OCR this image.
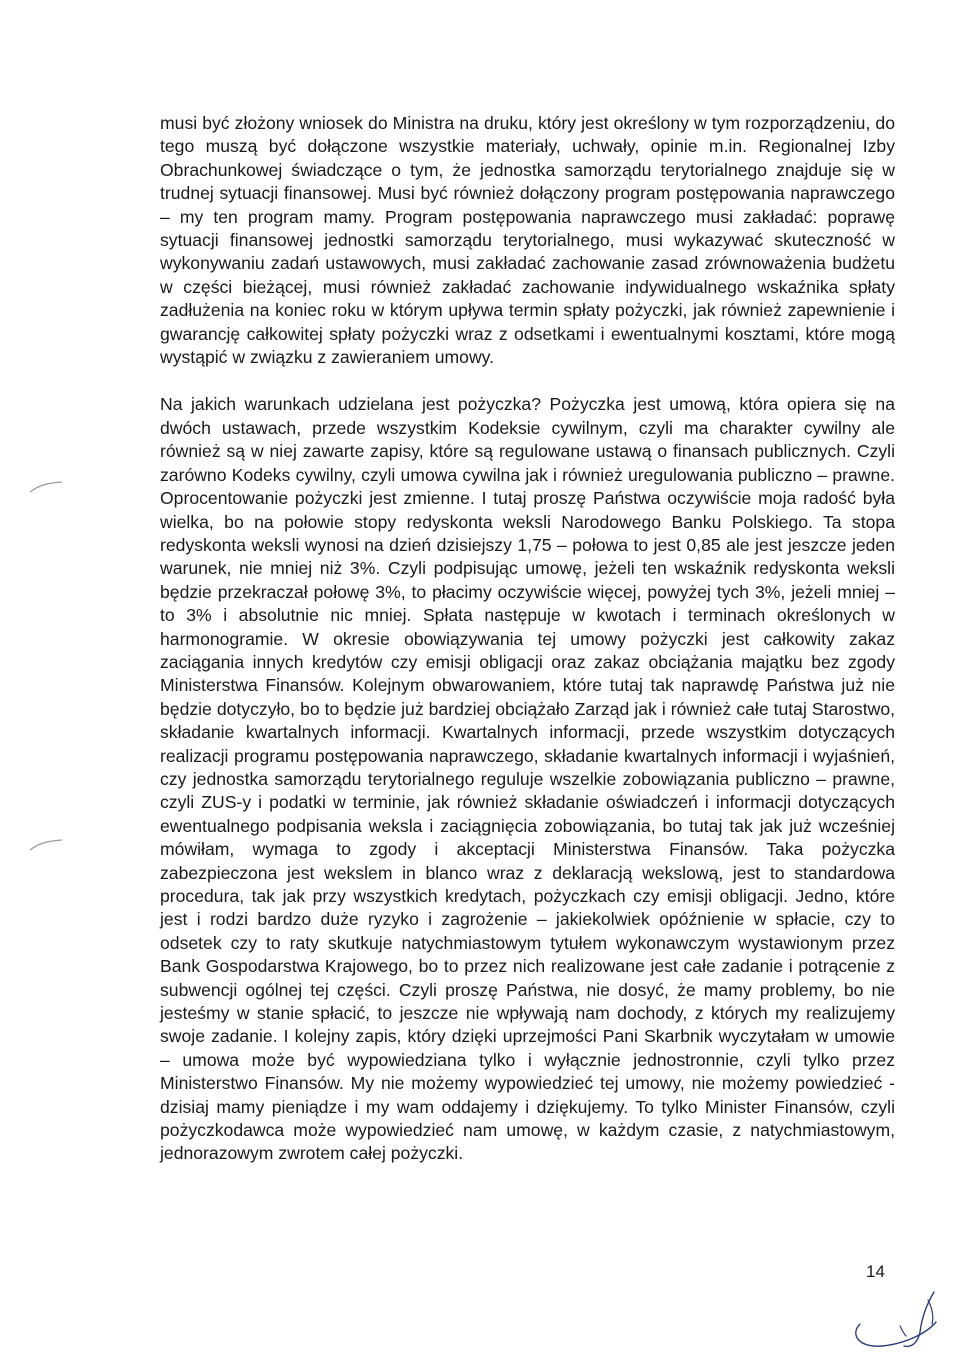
musi być złożony wniosek do Ministra na druku, który jest określony w tym rozporządzeniu, do tego muszą być dołączone wszystkie materiały, uchwały, opinie m.in. Regionalnej Izby Obrachunkowej świadczące o tym, że jednostka samorządu terytorialnego znajduje się w trudnej sytuacji finansowej. Musi być również dołączony program postępowania naprawczego – my ten program mamy. Program postępowania naprawczego musi zakładać: poprawę sytuacji finansowej jednostki samorządu terytorialnego, musi wykazywać skuteczność w wykonywaniu zadań ustawowych, musi zakładać zachowanie zasad zrównoważenia budżetu w części bieżącej, musi również zakładać zachowanie indywidualnego wskaźnika spłaty zadłużenia na koniec roku w którym upływa termin spłaty pożyczki, jak również zapewnienie i gwarancję całkowitej spłaty pożyczki wraz z odsetkami i ewentualnymi kosztami, które mogą wystąpić w związku z zawieraniem umowy.

Na jakich warunkach udzielana jest pożyczka? Pożyczka jest umową, która opiera się na dwóch ustawach, przede wszystkim Kodeksie cywilnym, czyli ma charakter cywilny ale również są w niej zawarte zapisy, które są regulowane ustawą o finansach publicznych. Czyli zarówno Kodeks cywilny, czyli umowa cywilna jak i również uregulowania publiczno – prawne. Oprocentowanie pożyczki jest zmienne. I tutaj proszę Państwa oczywiście moja radość była wielka, bo na połowie stopy redyskonta weksli Narodowego Banku Polskiego. Ta stopa redyskonta weksli wynosi na dzień dzisiejszy 1,75 – połowa to jest 0,85 ale jest jeszcze jeden warunek, nie mniej niż 3%. Czyli podpisując umowę, jeżeli ten wskaźnik redyskonta weksli będzie przekraczał połowę 3%, to płacimy oczywiście więcej, powyżej tych 3%, jeżeli mniej – to 3% i absolutnie nic mniej. Spłata następuje w kwotach i terminach określonych w harmonogramie. W okresie obowiązywania tej umowy pożyczki jest całkowity zakaz zaciągania innych kredytów czy emisji obligacji oraz zakaz obciążania majątku bez zgody Ministerstwa Finansów. Kolejnym obwarowaniem, które tutaj tak naprawdę Państwa już nie będzie dotyczyło, bo to będzie już bardziej obciążało Zarząd jak i również całe tutaj Starostwo, składanie kwartalnych informacji. Kwartalnych informacji, przede wszystkim dotyczących realizacji programu postępowania naprawczego, składanie kwartalnych informacji i wyjaśnień, czy jednostka samorządu terytorialnego reguluje wszelkie zobowiązania publiczno – prawne, czyli ZUS-y i podatki w terminie, jak również składanie oświadczeń i informacji dotyczących ewentualnego podpisania weksla i zaciągnięcia zobowiązania, bo tutaj tak jak już wcześniej mówiłam, wymaga to zgody i akceptacji Ministerstwa Finansów. Taka pożyczka zabezpieczona jest wekslem in blanco wraz z deklaracją wekslową, jest to standardowa procedura, tak jak przy wszystkich kredytach, pożyczkach czy emisji obligacji. Jedno, które jest i rodzi bardzo duże ryzyko i zagrożenie – jakiekolwiek opóźnienie w spłacie, czy to odsetek czy to raty skutkuje natychmiastowym tytułem wykonawczym wystawionym przez Bank Gospodarstwa Krajowego, bo to przez nich realizowane jest całe zadanie i potrącenie z subwencji ogólnej tej części. Czyli proszę Państwa, nie dosyć, że mamy problemy, bo nie jesteśmy w stanie spłacić, to jeszcze nie wpływają nam dochody, z których my realizujemy swoje zadanie. I kolejny zapis, który dzięki uprzejmości Pani Skarbnik wyczytałam w umowie – umowa może być wypowiedziana tylko i wyłącznie jednostronnie, czyli tylko przez Ministerstwo Finansów. My nie możemy wypowiedzieć tej umowy, nie możemy powiedzieć - dzisiaj mamy pieniądze i my wam oddajemy i dziękujemy. To tylko Minister Finansów, czyli pożyczkodawca może wypowiedzieć nam umowę, w każdym czasie, z natychmiastowym, jednorazowym zwrotem całej pożyczki.

14
